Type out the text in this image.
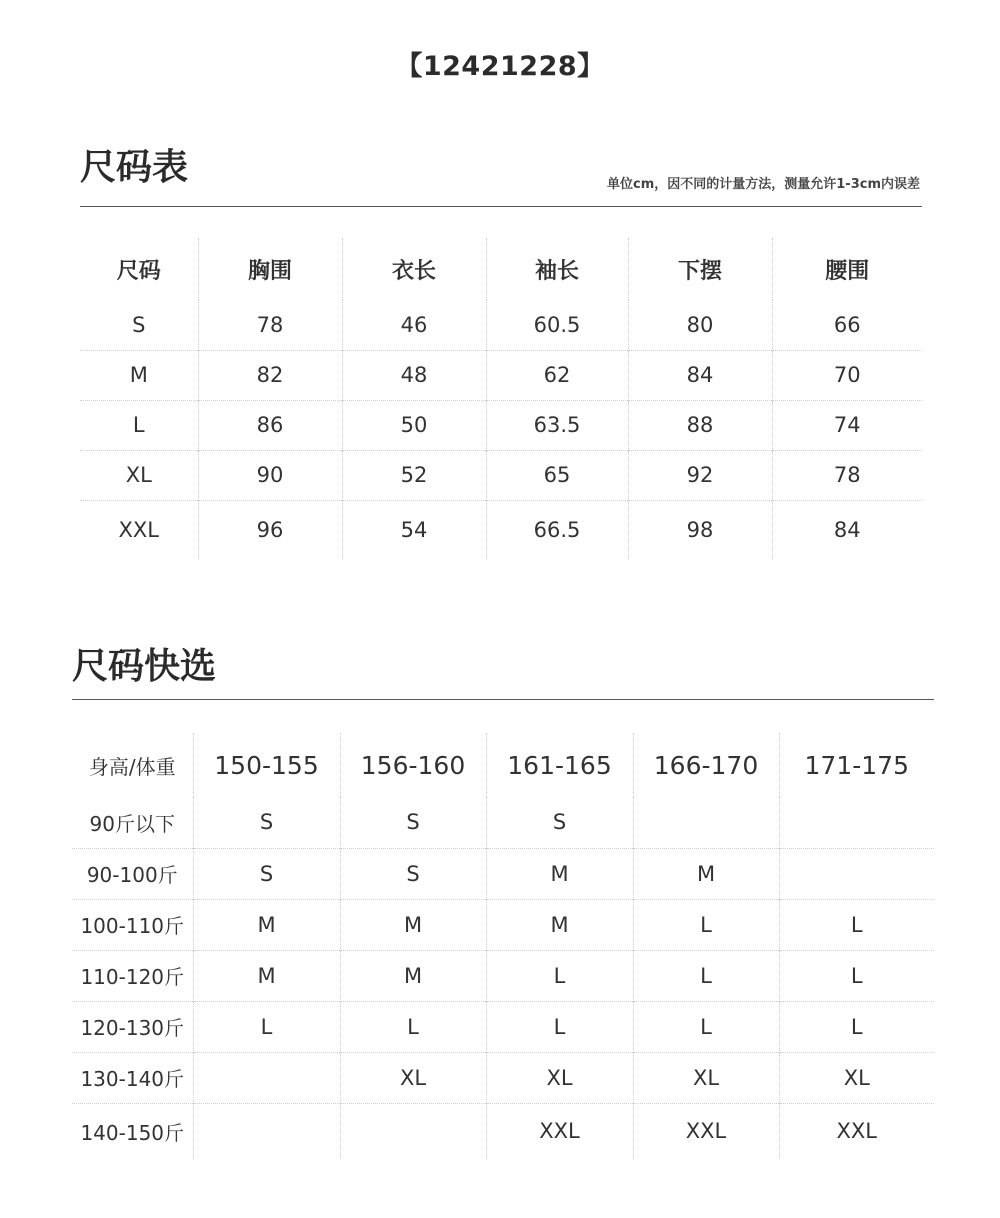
【12421228】
尺码表	单位cm，因不同的计量方法，测量允许1-3cm内误差
尺码	胸围	衣长	袖长	下摆	腰围
S	78	46	60.5	80	66
M	82	48	62	84	70
L	86	50	63.5	88	74
XL	90	52	65	92	78
XXL	96	54	66.5	98	84
尺码快选
身高/体重	150-155	156-160	161-165	166-170	171-175
90斤以下	S	S	S		
90-100斤	S	S	M	M	
100-110斤	M	M	M	L	L
110-120斤	M	M	L	L	L
120-130斤	L	L	L	L	L
130-140斤		XL	XL	XL	XL
140-150斤			XXL	XXL	XXL
